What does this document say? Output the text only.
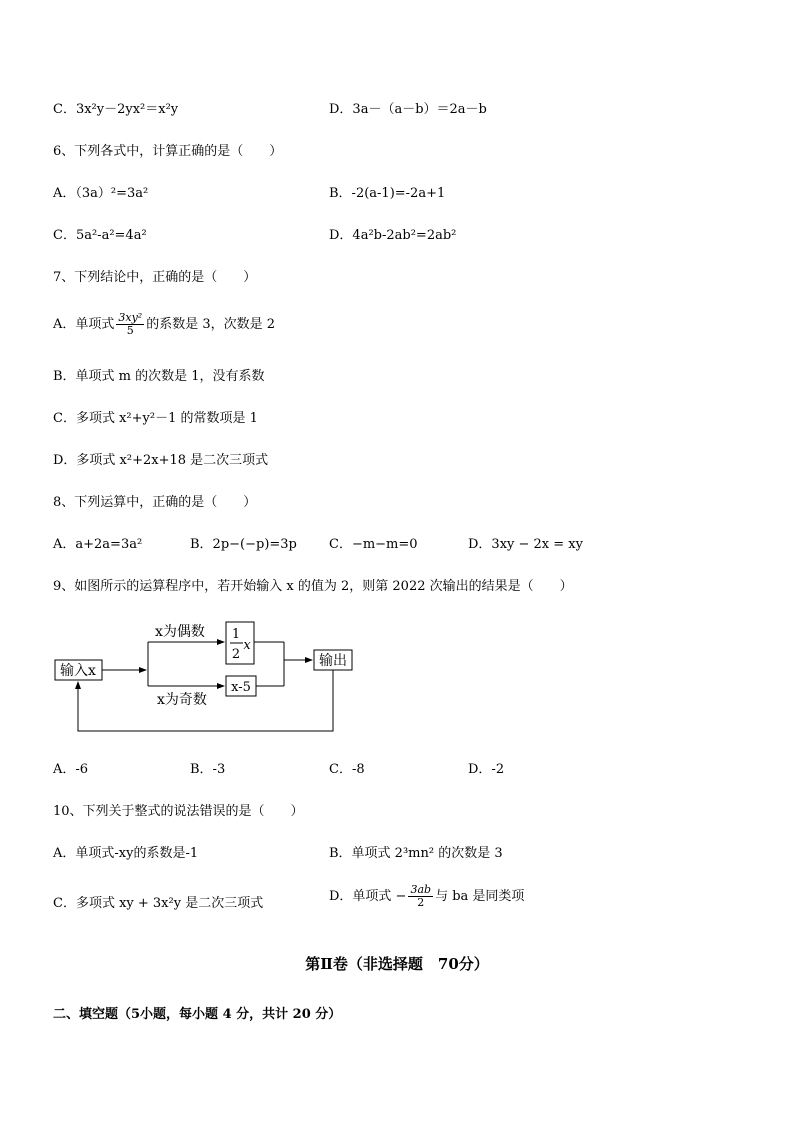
C．3x²y－2yx²＝x²y	D．3a－（a－b）＝2a－b
6、下列各式中，计算正确的是（　　）
A．（3a）²=3a²	B．-2(a-1)=-2a+1
C．5a²-a²=4a²	D．4a²b-2ab²=2ab²
7、下列结论中，正确的是（　　）
A．单项式 $\frac{\text{3xy²}}{5}$ 的系数是 3，次数是 2
B．单项式 m 的次数是 1，没有系数
C．多项式 x²+y²－1 的常数项是 1
D．多项式 x²+2x+18 是二次三项式
8、下列运算中，正确的是（　　）
A．a+2a=3a²	B．2p−(−p)=3p C．−m−m=0	D．3xy − 2x = xy
9、如图所示的运算程序中，若开始输入 x 的值为 2，则第 2022 次输出的结果是（　　）
输入x
x为偶数
x为奇数
1
2
x
x-5
输出
A．-6	B．-3	C．-8	D．-2
10、下列关于整式的说法错误的是（　　）
A．单项式-xy的系数是-1	B．单项式 2³mn² 的次数是 3
C．多项式 xy + 3x²y 是二次三项式	D．单项式 − $\frac{3ab}{2}$ 与 ba 是同类项
第Ⅱ卷（非选择题　70分）
二、填空题（5小题，每小题 4 分，共计 20 分）
